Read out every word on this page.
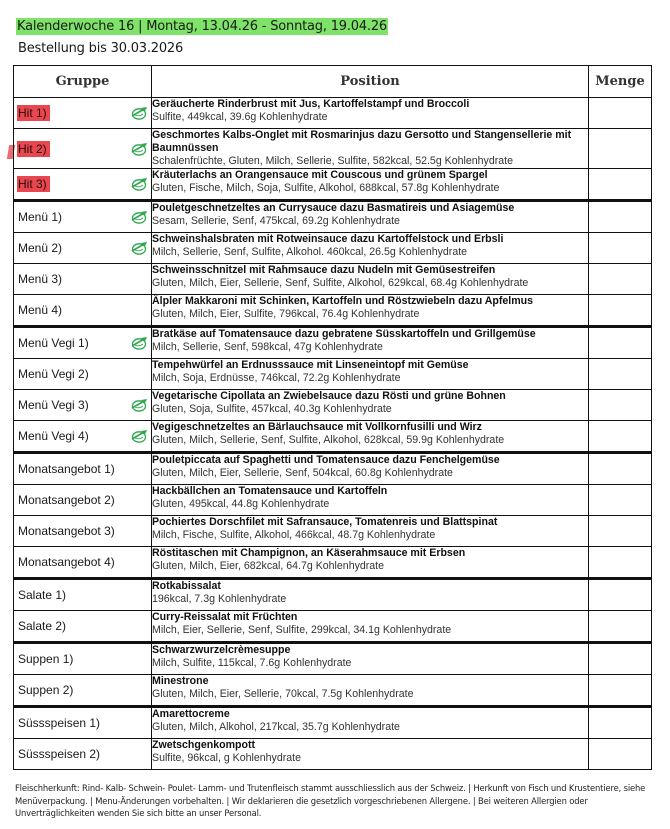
Kalenderwoche 16 | Montag, 13.04.26 - Sonntag, 19.04.26
Bestellung bis 30.03.2026
Gruppe	Position	Menge

Hit 1)	Geräucherte Rinderbrust mit Jus, Kartoffelstampf und Broccoli
Sulfite, 449kcal, 39.6g Kohlenhydrate	

Hit 2)	Geschmortes Kalbs-Onglet mit Rosmarinjus dazu Gersotto und Stangensellerie mit Baumnüssen
Schalenfrüchte, Gluten, Milch, Sellerie, Sulfite, 582kcal, 52.5g Kohlenhydrate	

Hit 3)	Kräuterlachs an Orangensauce mit Couscous und grünem Spargel
Gluten, Fische, Milch, Soja, Sulfite, Alkohol, 688kcal, 57.8g Kohlenhydrate	

Menü 1)	Pouletgeschnetzeltes an Currysauce dazu Basmatireis und Asiagemüse
Sesam, Sellerie, Senf, 475kcal, 69.2g Kohlenhydrate	

Menü 2)	Schweinshalsbraten mit Rotweinsauce dazu Kartoffelstock und Erbsli
Milch, Sellerie, Senf, Sulfite, Alkohol. 460kcal, 26.5g Kohlenhydrate	

Menü 3)	Schweinsschnitzel mit Rahmsauce dazu Nudeln mit Gemüsestreifen
Gluten, Milch, Eier, Sellerie, Senf, Sulfite, Alkohol, 629kcal, 68.4g Kohlenhydrate	

Menü 4)	Älpler Makkaroni mit Schinken, Kartoffeln und Röstzwiebeln dazu Apfelmus
Gluten, Milch, Eier, Sulfite, 796kcal, 76.4g Kohlenhydrate	

Menü Vegi 1)	Bratkäse auf Tomatensauce dazu gebratene Süsskartoffeln und Grillgemüse
Milch, Sellerie, Senf, 598kcal, 47g Kohlenhydrate	

Menü Vegi 2)	Tempehwürfel an Erdnusssauce mit Linseneintopf mit Gemüse
Milch, Soja, Erdnüsse, 746kcal, 72.2g Kohlenhydrate	

Menü Vegi 3)	Vegetarische Cipollata an Zwiebelsauce dazu Rösti und grüne Bohnen
Gluten, Soja, Sulfite, 457kcal, 40.3g Kohlenhydrate	

Menü Vegi 4)	Vegigeschnetzeltes an Bärlauchsauce mit Vollkornfusilli und Wirz
Gluten, Milch, Sellerie, Senf, Sulfite, Alkohol, 628kcal, 59.9g Kohlenhydrate	

Monatsangebot 1)	Pouletpiccata auf Spaghetti und Tomatensauce dazu Fenchelgemüse
Gluten, Milch, Eier, Sellerie, Senf, 504kcal, 60.8g Kohlenhydrate	

Monatsangebot 2)	Hackbällchen an Tomatensauce und Kartoffeln
Gluten, 495kcal, 44.8g Kohlenhydrate	

Monatsangebot 3)	Pochiertes Dorschfilet mit Safransauce, Tomatenreis und Blattspinat
Milch, Fische, Sulfite, Alkohol, 466kcal, 48.7g Kohlenhydrate	

Monatsangebot 4)	Röstitaschen mit Champignon, an Käserahmsauce mit Erbsen
Gluten, Milch, Eier, 682kcal, 64.7g Kohlenhydrate	

Salate 1)	Rotkabissalat
196kcal, 7.3g Kohlenhydrate	

Salate 2)	Curry-Reissalat mit Früchten
Milch, Eier, Sellerie, Senf, Sulfite, 299kcal, 34.1g Kohlenhydrate	

Suppen 1)	Schwarzwurzelcrèmesuppe
Milch, Sulfite, 115kcal, 7.6g Kohlenhydrate	

Suppen 2)	Minestrone
Gluten, Milch, Eier, Sellerie, 70kcal, 7.5g Kohlenhydrate	

Süssspeisen 1)	Amarettocreme
Gluten, Milch, Alkohol, 217kcal, 35.7g Kohlenhydrate	

Süssspeisen 2)	Zwetschgenkompott
Sulfite, 96kcal, g Kohlenhydrate	

Fleischherkunft: Rind- Kalb- Schwein- Poulet- Lamm- und Trutenfleisch stammt ausschliesslich aus der Schweiz. | Herkunft von Fisch und Krustentiere, siehe Menüverpackung. | Menu-Änderungen vorbehalten. | Wir deklarieren die gesetzlich vorgeschriebenen Allergene. | Bei weiteren Allergien oder Unverträglichkeiten wenden Sie sich bitte an unser Personal.
